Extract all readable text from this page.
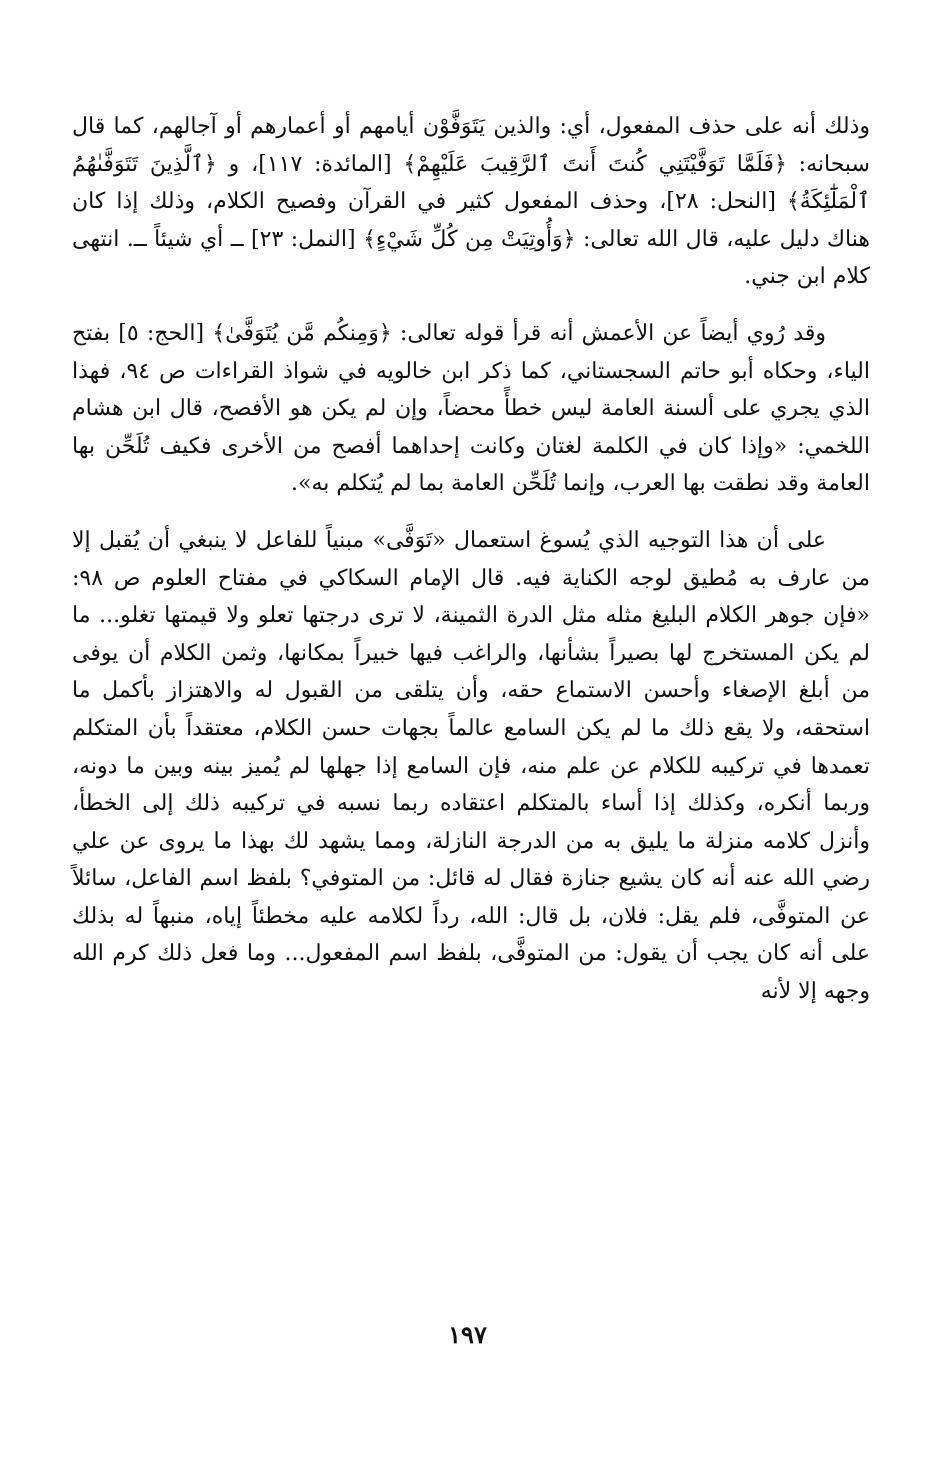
وذلك أنه على حذف المفعول، أي: والذين يَتَوَفَّوْن أيامهم أو أعمارهم أو آجالهم، كما قال سبحانه: ﴿فَلَمَّا تَوَفَّيْتَنِي كُنتَ أَنتَ ٱلرَّقِيبَ عَلَيْهِمْ﴾ [المائدة: ١١٧]، و ﴿ٱلَّذِينَ تَتَوَفَّىٰهُمُ ٱلْمَلَٰٓئِكَةُ﴾ [النحل: ٢٨]، وحذف المفعول كثير في القرآن وفصيح الكلام، وذلك إذا كان هناك دليل عليه، قال الله تعالى: ﴿وَأُوتِيَتْ مِن كُلِّ شَيْءٍ﴾ [النمل: ٢٣] ــ أي شيئاً ــ. انتهى كلام ابن جني.

وقد رُوي أيضاً عن الأعمش أنه قرأ قوله تعالى: ﴿وَمِنكُم مَّن يُتَوَفَّىٰ﴾ [الحج: ٥] بفتح الياء، وحكاه أبو حاتم السجستاني، كما ذكر ابن خالويه في شواذ القراءات ص ٩٤، فهذا الذي يجري على ألسنة العامة ليس خطأً محضاً، وإن لم يكن هو الأفصح، قال ابن هشام اللخمي: «وإذا كان في الكلمة لغتان وكانت إحداهما أفصح من الأخرى فكيف تُلَحِّن بها العامة وقد نطقت بها العرب، وإنما تُلَحِّن العامة بما لم يُتكلم به».

على أن هذا التوجيه الذي يُسوغ استعمال «تَوَفَّى» مبنياً للفاعل لا ينبغي أن يُقبل إلا من عارف به مُطيق لوجه الكناية فيه. قال الإمام السكاكي في مفتاح العلوم ص ٩٨: «فإن جوهر الكلام البليغ مثله مثل الدرة الثمينة، لا ترى درجتها تعلو ولا قيمتها تغلو... ما لم يكن المستخرج لها بصيراً بشأنها، والراغب فيها خبيراً بمكانها، وثمن الكلام أن يوفى من أبلغ الإصغاء وأحسن الاستماع حقه، وأن يتلقى من القبول له والاهتزاز بأكمل ما استحقه، ولا يقع ذلك ما لم يكن السامع عالماً بجهات حسن الكلام، معتقداً بأن المتكلم تعمدها في تركيبه للكلام عن علم منه، فإن السامع إذا جهلها لم يُميز بينه وبين ما دونه، وربما أنكره، وكذلك إذا أساء بالمتكلم اعتقاده ربما نسبه في تركيبه ذلك إلى الخطأ، وأنزل كلامه منزلة ما يليق به من الدرجة النازلة، ومما يشهد لك بهذا ما يروى عن علي رضي الله عنه أنه كان يشيع جنازة فقال له قائل: من المتوفي؟ بلفظ اسم الفاعل، سائلاً عن المتوفَّى، فلم يقل: فلان، بل قال: الله، رداً لكلامه عليه مخطئاً إياه، منبهاً له بذلك على أنه كان يجب أن يقول: من المتوفَّى، بلفظ اسم المفعول... وما فعل ذلك كرم الله وجهه إلا لأنه

١٩٧
